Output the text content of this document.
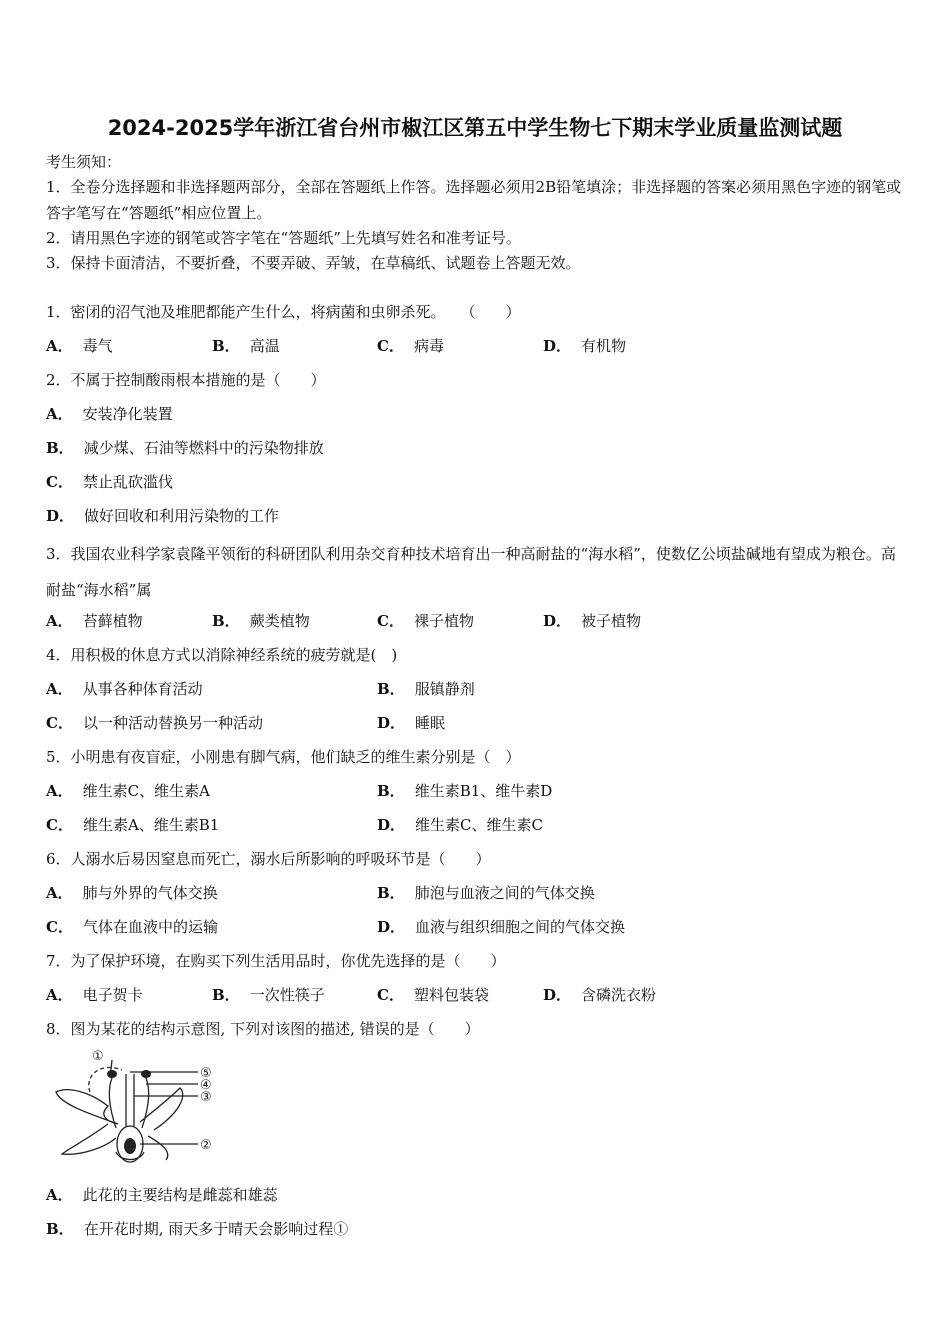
2024-2025学年浙江省台州市椒江区第五中学生物七下期末学业质量监测试题
考生须知：
1．全卷分选择题和非选择题两部分，全部在答题纸上作答。选择题必须用2B铅笔填涂；非选择题的答案必须用黑色字迹的钢笔或答字笔写在“答题纸”相应位置上。
2．请用黑色字迹的钢笔或答字笔在“答题纸”上先填写姓名和准考证号。
3．保持卡面清洁，不要折叠，不要弄破、弄皱，在草稿纸、试题卷上答题无效。
1．密闭的沼气池及堆肥都能产生什么，将病菌和虫卵杀死。　　（　　）
A． 毒气	B． 高温	C． 病毒	D． 有机物
2．不属于控制酸雨根本措施的是（　　）
A． 安装净化装置
B． 减少煤、石油等燃料中的污染物排放
C． 禁止乱砍滥伐
D． 做好回收和利用污染物的工作
3．我国农业科学家袁隆平领衔的科研团队利用杂交育种技术培育出一种高耐盐的“海水稻”，使数亿公顷盐碱地有望成为粮仓。高耐盐“海水稻”属
A． 苔藓植物	B． 蕨类植物	C． 裸子植物	D． 被子植物
4．用积极的休息方式以消除神经系统的疲劳就是(　)
A． 从事各种体育活动	B． 服镇静剂
C． 以一种活动替换另一种活动	D． 睡眠
5．小明患有夜盲症，小刚患有脚气病，他们缺乏的维生素分别是（　）
A． 维生素C、维生素A	B． 维生素B1、维牛素D
C． 维生素A、维生素B1	D． 维生素C、维生素C
6．人溺水后易因窒息而死亡，溺水后所影响的呼吸环节是（　　）
A． 肺与外界的气体交换	B． 肺泡与血液之间的气体交换
C． 气体在血液中的运输	D． 血液与组织细胞之间的气体交换
7．为了保护环境，在购买下列生活用品时，你优先选择的是（　　）
A． 电子贺卡	B． 一次性筷子	C． 塑料包装袋	D． 含磷洗衣粉
8．图为某花的结构示意图, 下列对该图的描述, 错误的是（　　）
①
⑤
④
③
②
A． 此花的主要结构是雌蕊和雄蕊
B． 在开花时期, 雨天多于晴天会影响过程①
